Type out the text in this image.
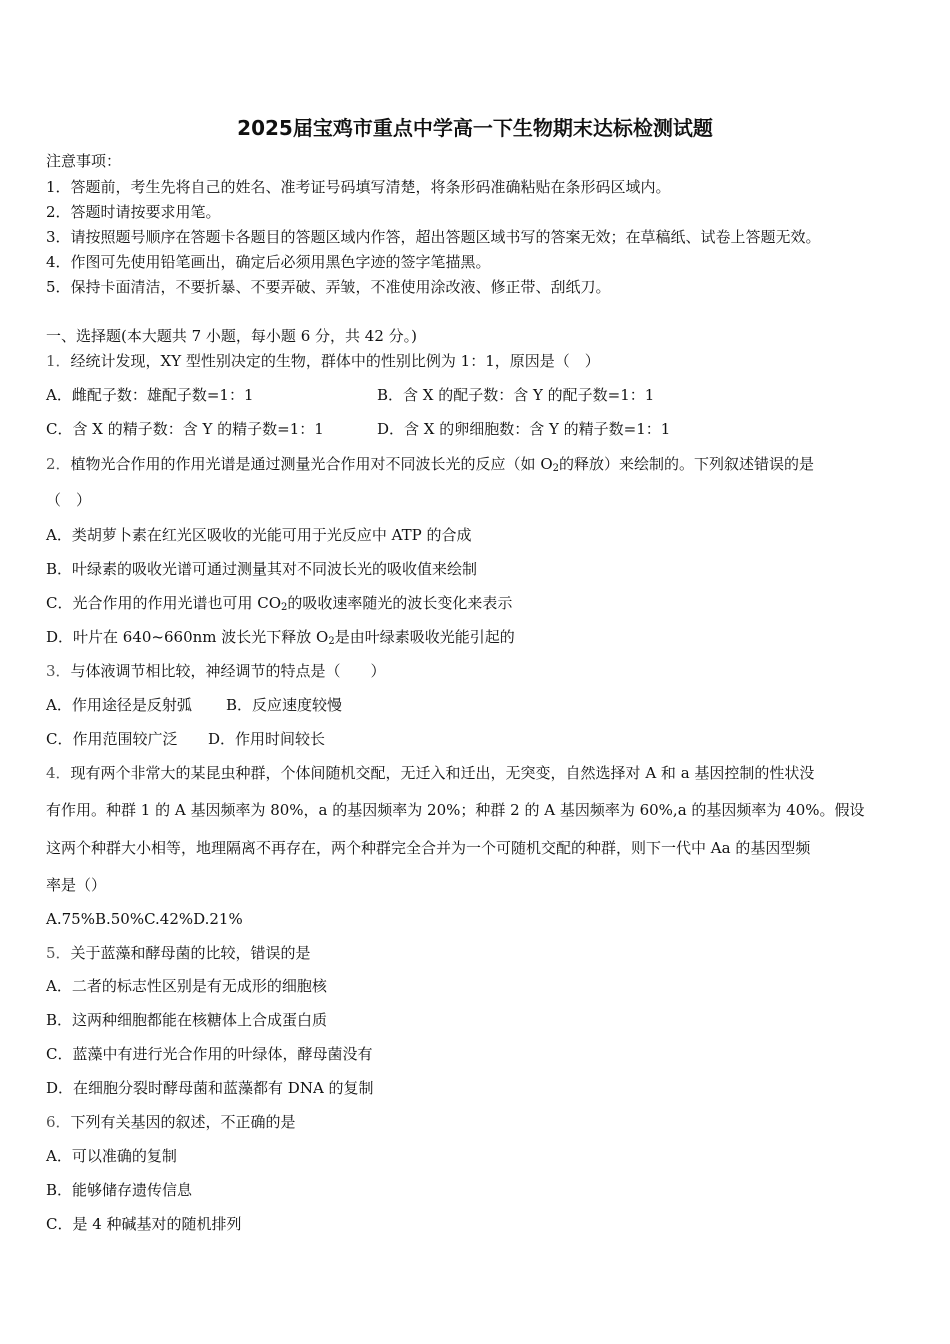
2025届宝鸡市重点中学高一下生物期末达标检测试题
注意事项：
1．答题前，考生先将自己的姓名、准考证号码填写清楚，将条形码准确粘贴在条形码区域内。
2．答题时请按要求用笔。
3．请按照题号顺序在答题卡各题目的答题区域内作答，超出答题区域书写的答案无效；在草稿纸、试卷上答题无效。
4．作图可先使用铅笔画出，确定后必须用黑色字迹的签字笔描黑。
5．保持卡面清洁，不要折暴、不要弄破、弄皱，不准使用涂改液、修正带、刮纸刀。
一、选择题(本大题共 7 小题，每小题 6 分，共 42 分。)
1．经统计发现，XY 型性别决定的生物，群体中的性别比例为 1：1，原因是（　）
A．雌配子数：雄配子数=1：1	B．含 X 的配子数：含 Y 的配子数=1：1
C．含 X 的精子数：含 Y 的精子数=1：1	D．含 X 的卵细胞数：含 Y 的精子数=1：1
2．植物光合作用的作用光谱是通过测量光合作用对不同波长光的反应（如 $O_2$的释放）来绘制的。下列叙述错误的是
（　）
A．类胡萝卜素在红光区吸收的光能可用于光反应中 ATP 的合成
B．叶绿素的吸收光谱可通过测量其对不同波长光的吸收值来绘制
C．光合作用的作用光谱也可用 $CO_2$的吸收速率随光的波长变化来表示
D．叶片在 640~660nm 波长光下释放 $O_2$是由叶绿素吸收光能引起的
3．与体液调节相比较，神经调节的特点是（　　）
A．作用途径是反射弧 B．反应速度较慢
C．作用范围较广泛 D．作用时间较长
4．现有两个非常大的某昆虫种群，个体间随机交配，无迁入和迁出，无突变，自然选择对 A 和 a 基因控制的性状没
有作用。种群 1 的 A 基因频率为 80%，a 的基因频率为 20%；种群 2 的 A 基因频率为 60%,a 的基因频率为 40%。假设
这两个种群大小相等，地理隔离不再存在，两个种群完全合并为一个可随机交配的种群，则下一代中 Aa 的基因型频
率是（）
A.75%B.50%C.42%D.21%
5．关于蓝藻和酵母菌的比较，错误的是
A．二者的标志性区别是有无成形的细胞核
B．这两种细胞都能在核糖体上合成蛋白质
C．蓝藻中有进行光合作用的叶绿体，酵母菌没有
D．在细胞分裂时酵母菌和蓝藻都有 DNA 的复制
6．下列有关基因的叙述，不正确的是
A．可以准确的复制
B．能够储存遗传信息
C．是 4 种碱基对的随机排列
